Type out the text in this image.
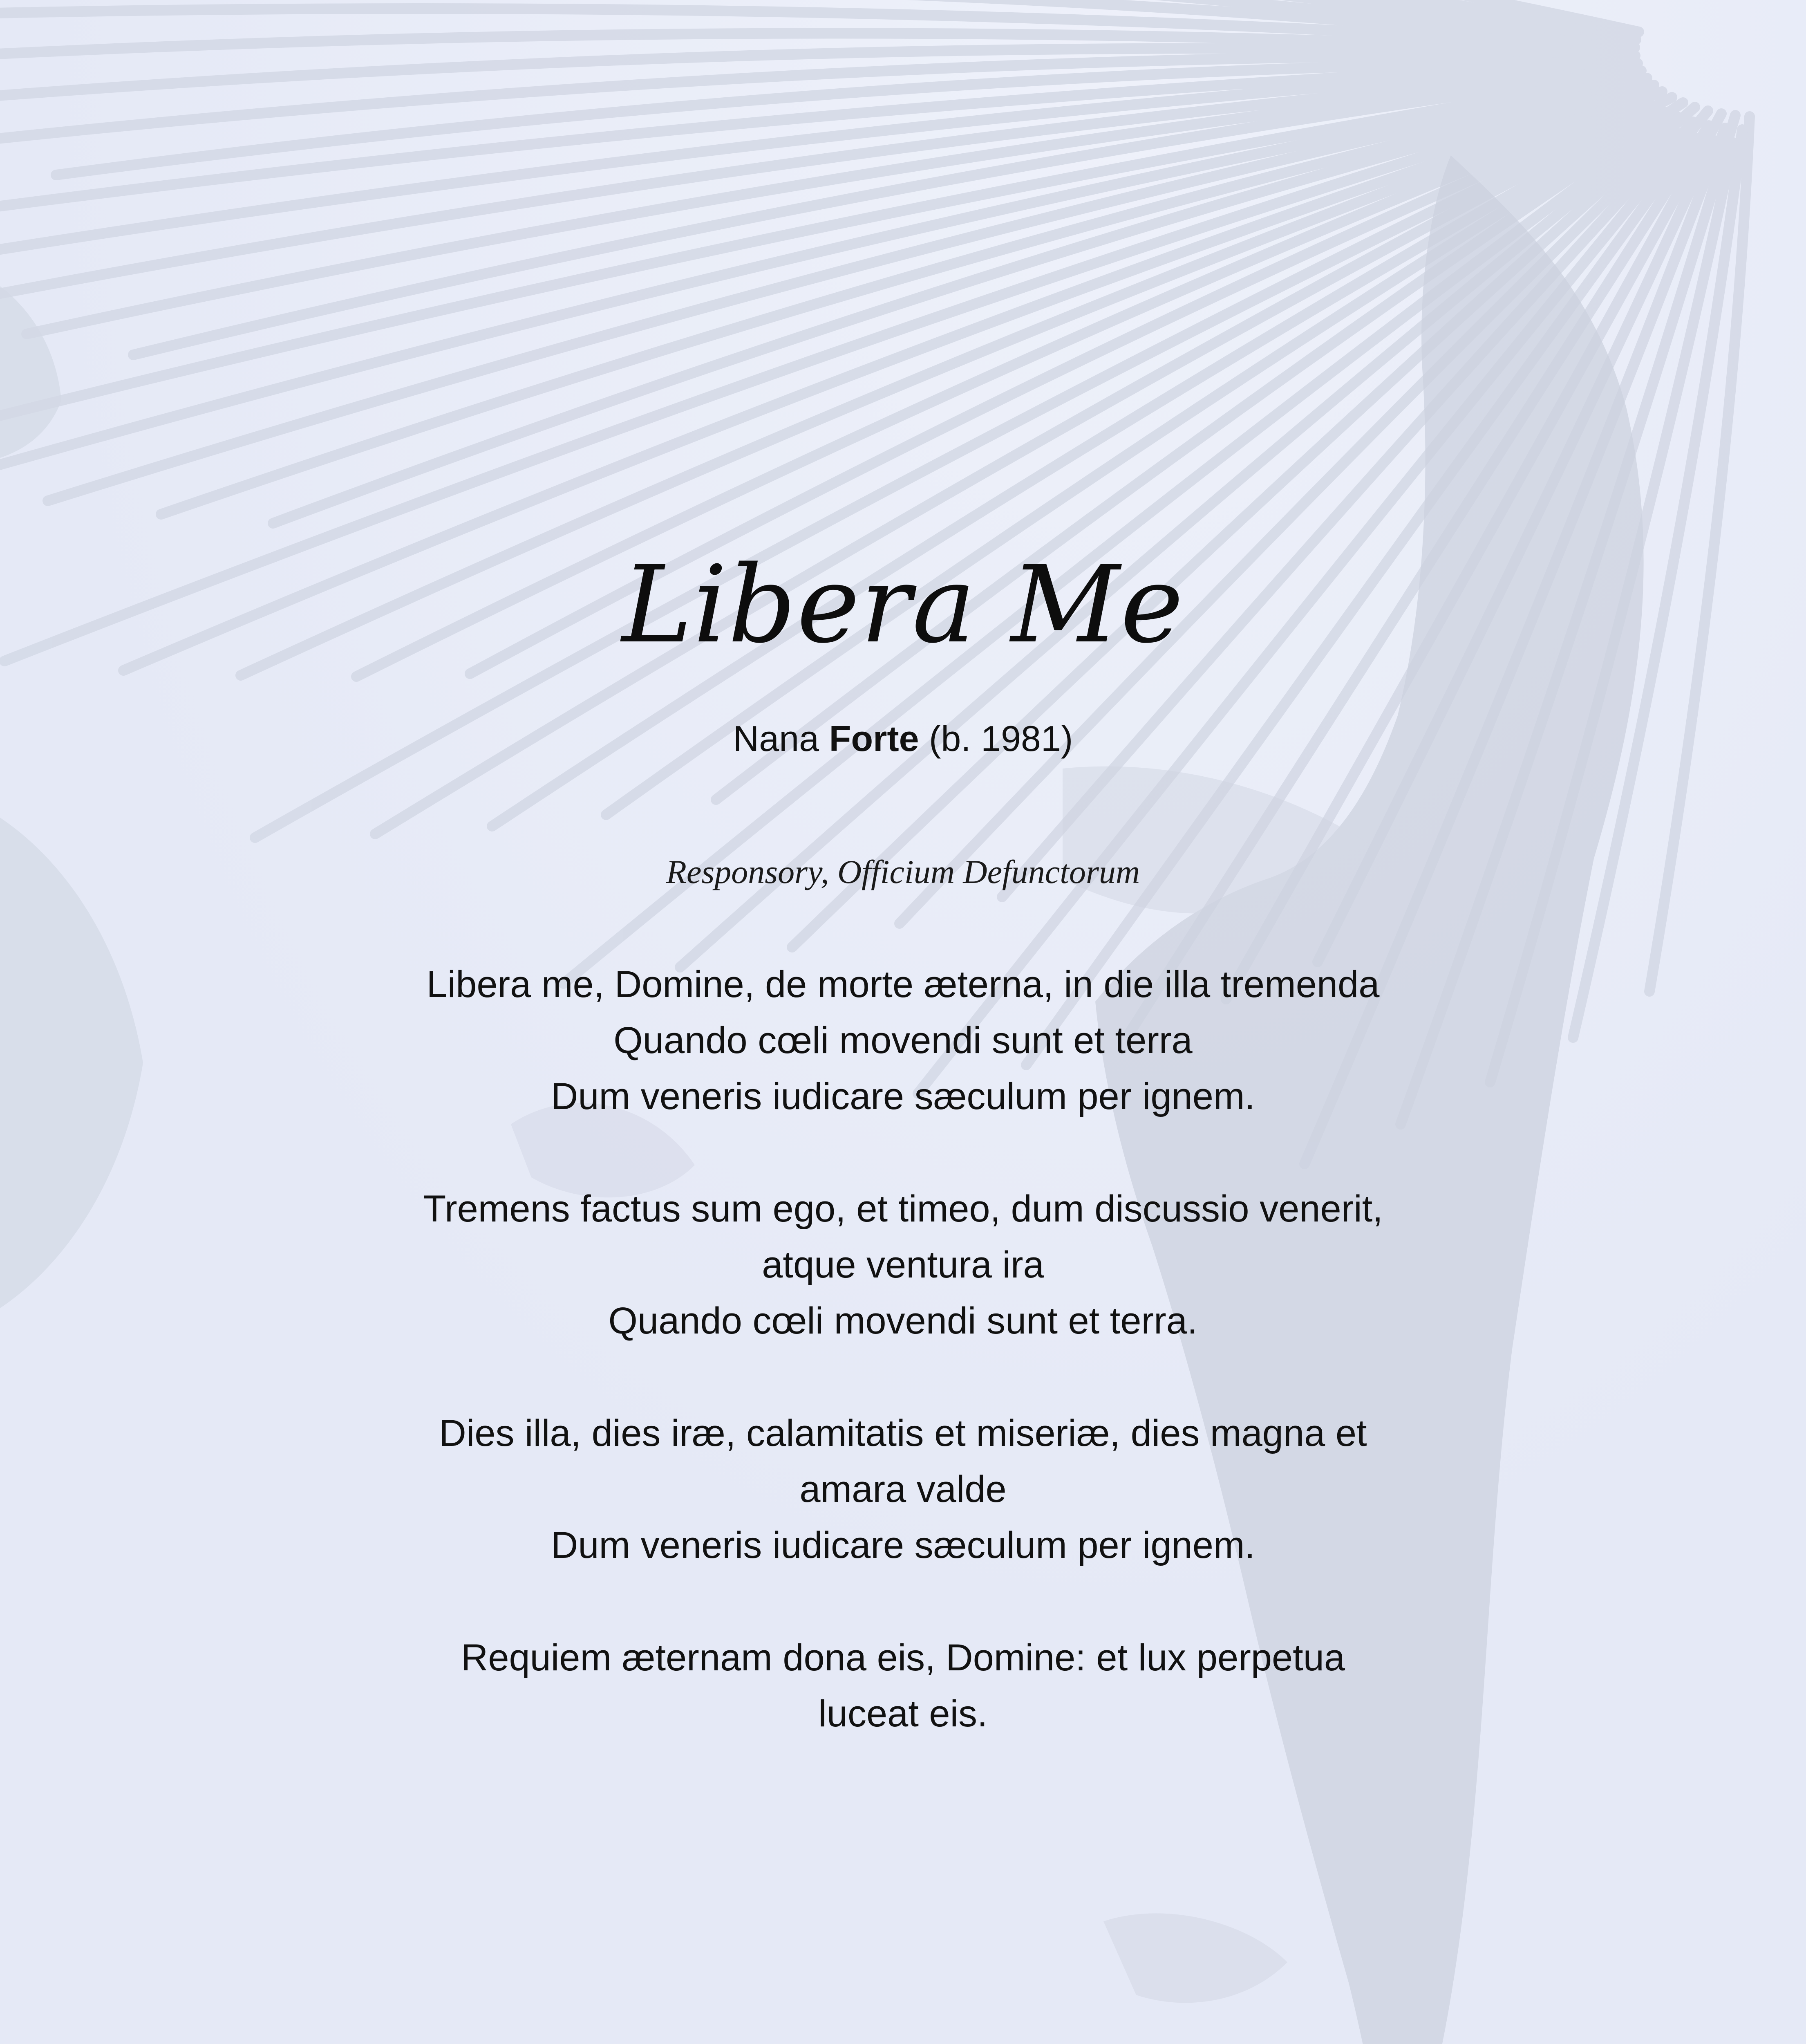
Libera Me
Nana Forte (b. 1981)
Responsory, Officium Defunctorum
Libera me, Domine, de morte æterna, in die illa tremenda
Quando cœli movendi sunt et terra
Dum veneris iudicare sæculum per ignem.
Tremens factus sum ego, et timeo, dum discussio venerit,
atque ventura ira
Quando cœli movendi sunt et terra.
Dies illa, dies iræ, calamitatis et miseriæ, dies magna et
amara valde
Dum veneris iudicare sæculum per ignem.
Requiem æternam dona eis, Domine: et lux perpetua
luceat eis.
